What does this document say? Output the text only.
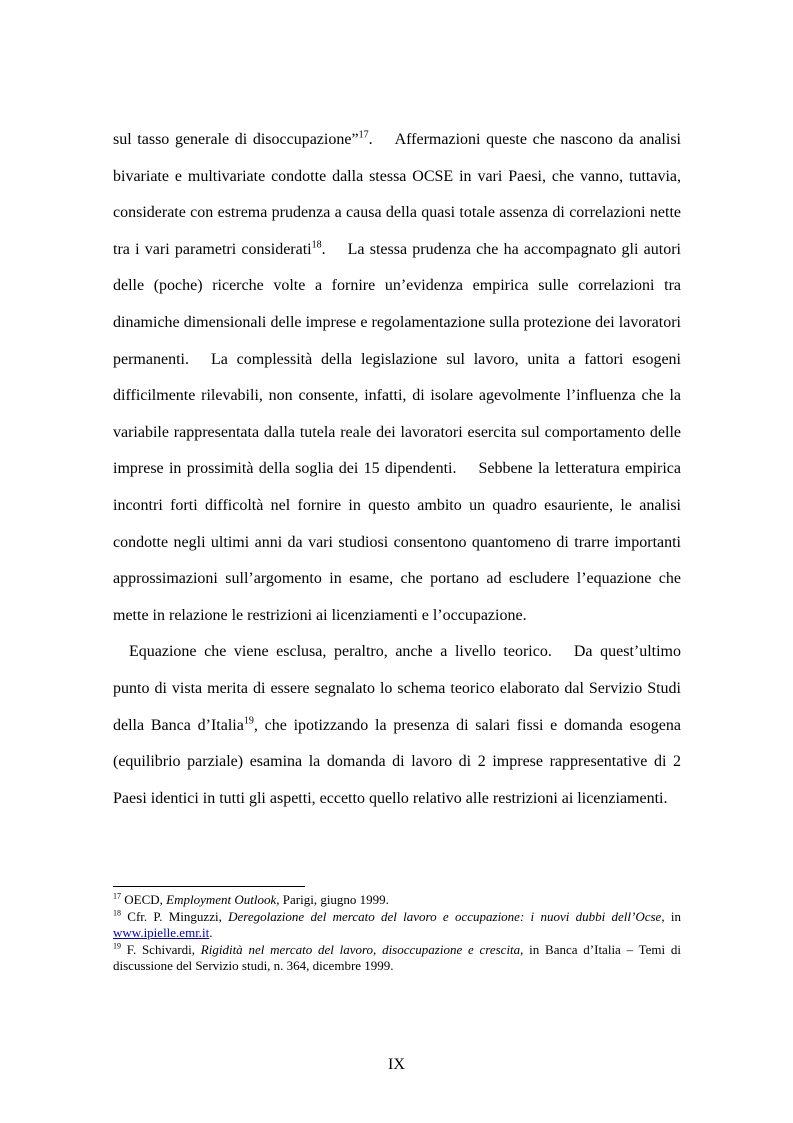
sul tasso generale di disoccupazione”$^{17}$. Affermazioni queste che nascono da analisi bivariate e multivariate condotte dalla stessa OCSE in vari Paesi, che vanno, tuttavia, considerate con estrema prudenza a causa della quasi totale assenza di correlazioni nette tra i vari parametri considerati$^{18}$. La stessa prudenza che ha accompagnato gli autori delle (poche) ricerche volte a fornire un’evidenza empirica sulle correlazioni tra dinamiche dimensionali delle imprese e regolamentazione sulla protezione dei lavoratori permanenti. La complessità della legislazione sul lavoro, unita a fattori esogeni difficilmente rilevabili, non consente, infatti, di isolare agevolmente l’influenza che la variabile rappresentata dalla tutela reale dei lavoratori esercita sul comportamento delle imprese in prossimità della soglia dei 15 dipendenti. Sebbene la letteratura empirica incontri forti difficoltà nel fornire in questo ambito un quadro esauriente, le analisi condotte negli ultimi anni da vari studiosi consentono quantomeno di trarre importanti approssimazioni sull’argomento in esame, che portano ad escludere l’equazione che mette in relazione le restrizioni ai licenziamenti e l’occupazione.

Equazione che viene esclusa, peraltro, anche a livello teorico. Da quest’ultimo punto di vista merita di essere segnalato lo schema teorico elaborato dal Servizio Studi della Banca d’Italia$^{19}$, che ipotizzando la presenza di salari fissi e domanda esogena (equilibrio parziale) esamina la domanda di lavoro di 2 imprese rappresentative di 2 Paesi identici in tutti gli aspetti, eccetto quello relativo alle restrizioni ai licenziamenti.

$^{17}$ OECD, Employment Outlook, Parigi, giugno 1999.

$^{18}$ Cfr. P. Minguzzi, Deregolazione del mercato del lavoro e occupazione: i nuovi dubbi dell’Ocse, in www.ipielle.emr.it.

$^{19}$ F. Schivardi, Rigidità nel mercato del lavoro, disoccupazione e crescita, in Banca d’Italia – Temi di discussione del Servizio studi, n. 364, dicembre 1999.

IX
